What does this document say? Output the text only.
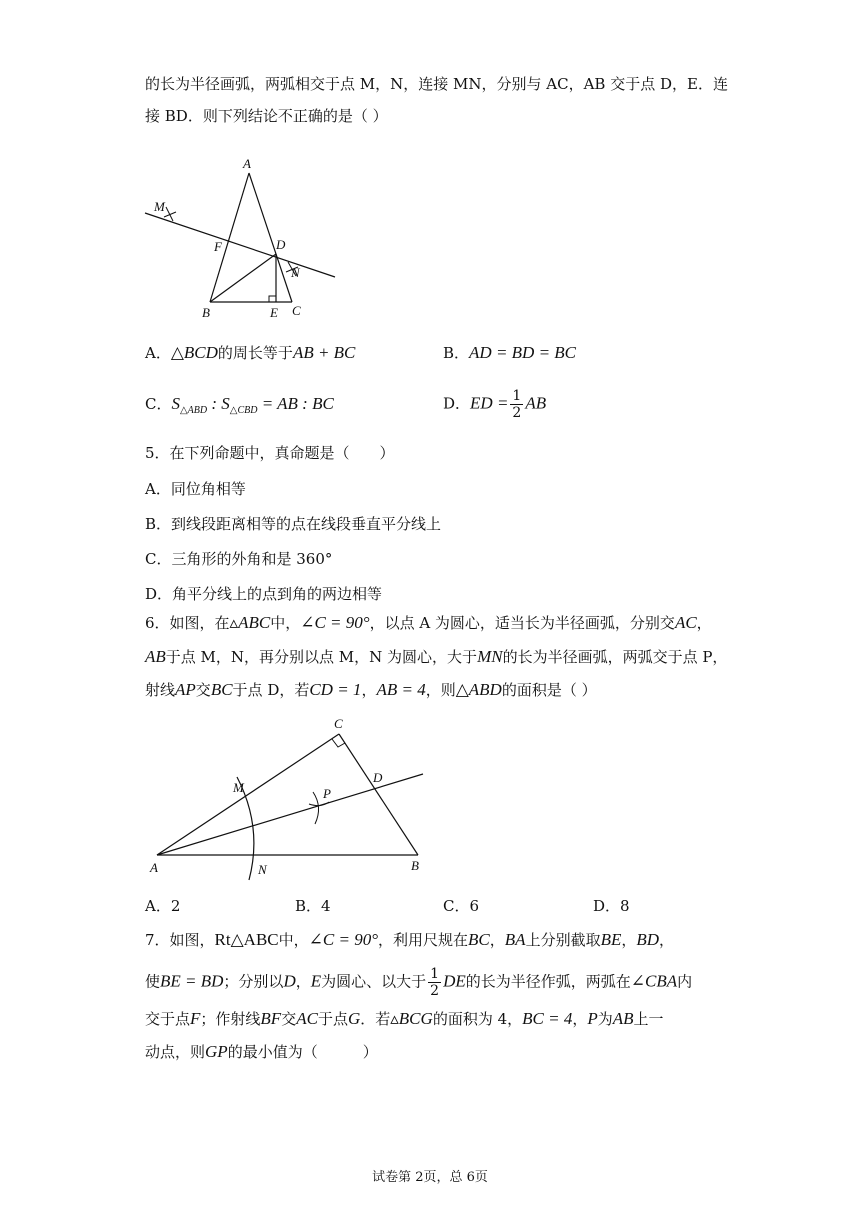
的长为半径画弧，两弧相交于点 M，N，连接 MN，分别与 AC，AB 交于点 D，E．连
接 BD．则下列结论不正确的是（ ）
A
M
F	D
N
B	E C
A．△BCD的周长等于AB + BC	B．AD = BD = BC
C．$S_{\triangle ABD}$ : $S_{\triangle CBD}$ = AB : BC	D．ED = $\frac{1}{2}$ AB
5．在下列命题中，真命题是（　　）
A．同位角相等
B．到线段距离相等的点在线段垂直平分线上
C．三角形的外角和是 360°
D．角平分线上的点到角的两边相等
6．如图，在▵ABC中，∠C = 90°，以点 A 为圆心，适当长为半径画弧，分别交AC，
AB于点 M，N，再分别以点 M，N 为圆心，大于MN的长为半径画弧，两弧交于点 P，
射线AP交BC于点 D，若CD = 1，AB = 4，则△ABD的面积是（ ）
C
M
D
P
A	N	B
A．2	B．4	C．6	D．8
7．如图，Rt△ABC中，∠C = 90°，利用尺规在BC，BA上分别截取BE，BD，
使BE = BD；分别以D，E为圆心、以大于 $\frac{1}{2}$ DE的长为半径作弧，两弧在∠CBA内
交于点F；作射线BF交AC于点G．若▵BCG的面积为 4，BC = 4，P为AB上一
动点，则GP的最小值为（　　　）
试卷第 2页，总 6页
